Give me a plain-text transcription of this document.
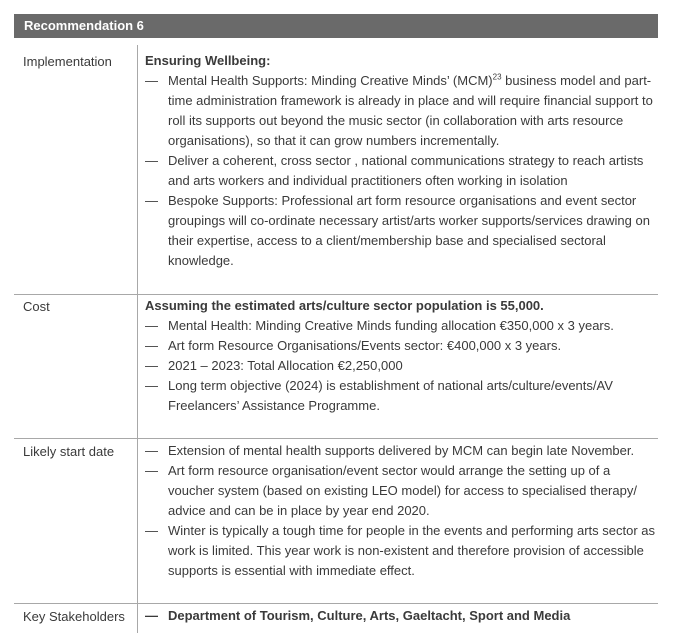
Recommendation 6
Implementation	Ensuring Wellbeing:
— Mental Health Supports: Minding Creative Minds’ (MCM)$^{23}$ business model and part-time administration framework is already in place and will require financial support to roll its supports out beyond the music sector (in collaboration with arts resource organisations), so that it can grow numbers incrementally.
— Deliver a coherent, cross sector , national communications strategy to reach artists and arts workers and individual practitioners often working in isolation
— Bespoke Supports: Professional art form resource organisations and event sector groupings will co-ordinate necessary artist/arts worker supports/services drawing on their expertise, access to a client/membership base and specialised sectoral knowledge.
Cost	Assuming the estimated arts/culture sector population is 55,000.
— Mental Health: Minding Creative Minds funding allocation €350,000 x 3 years.
— Art form Resource Organisations/Events sector: €400,000 x 3 years.
— 2021 – 2023: Total Allocation €2,250,000
— Long term objective (2024) is establishment of national arts/culture/events/AV Freelancers’ Assistance Programme.
Likely start date — Extension of mental health supports delivered by MCM can begin late November.
— Art form resource organisation/event sector would arrange the setting up of a voucher system (based on existing LEO model) for access to specialised therapy/ advice and can be in place by year end 2020.
— Winter is typically a tough time for people in the events and performing arts sector as work is limited. This year work is non-existent and therefore provision of accessible supports is essential with immediate effect.
Key Stakeholders — Department of Tourism, Culture, Arts, Gaeltacht, Sport and Media
